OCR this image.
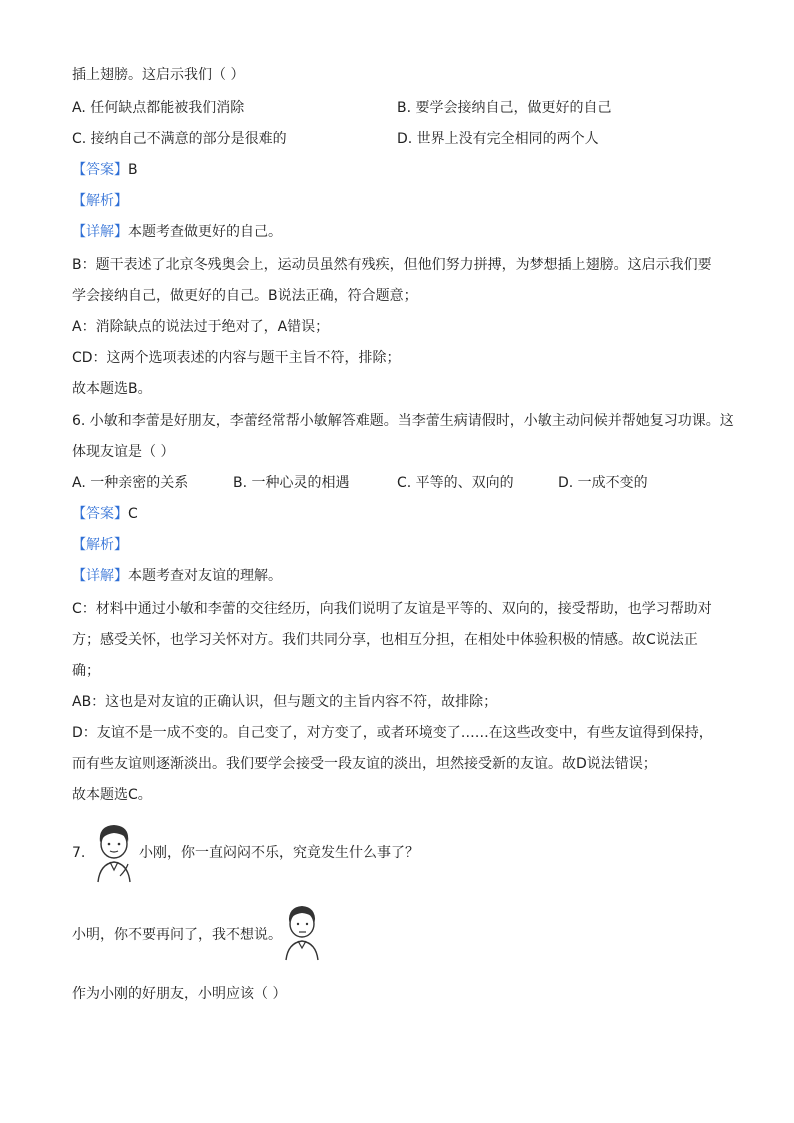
插上翅膀。这启示我们（ ）
A. 任何缺点都能被我们消除	B. 要学会接纳自己，做更好的自己
C. 接纳自己不满意的部分是很难的	D. 世界上没有完全相同的两个人
【答案】B
【解析】
【详解】本题考查做更好的自己。
B：题干表述了北京冬残奥会上，运动员虽然有残疾，但他们努力拼搏，为梦想插上翅膀。这启示我们要
学会接纳自己，做更好的自己。B说法正确，符合题意；
A：消除缺点的说法过于绝对了，A错误；
CD：这两个选项表述的内容与题干主旨不符，排除；
故本题选B。
6. 小敏和李蕾是好朋友，李蕾经常帮小敏解答难题。当李蕾生病请假时，小敏主动问候并帮她复习功课。这
体现友谊是（ ）
A. 一种亲密的关系	B. 一种心灵的相遇	C. 平等的、双向的	D. 一成不变的
【答案】C
【解析】
【详解】本题考查对友谊的理解。
C：材料中通过小敏和李蕾的交往经历，向我们说明了友谊是平等的、双向的，接受帮助，也学习帮助对
方；感受关怀，也学习关怀对方。我们共同分享，也相互分担，在相处中体验积极的情感。故C说法正
确；
AB：这也是对友谊的正确认识，但与题文的主旨内容不符，故排除；
D：友谊不是一成不变的。自己变了，对方变了，或者环境变了……在这些改变中，有些友谊得到保持，
而有些友谊则逐渐淡出。我们要学会接受一段友谊的淡出，坦然接受新的友谊。故D说法错误；
故本题选C。
7.	小刚，你一直闷闷不乐，究竟发生什么事了？
小明，你不要再问了，我不想说。
作为小刚的好朋友，小明应该（ ）
